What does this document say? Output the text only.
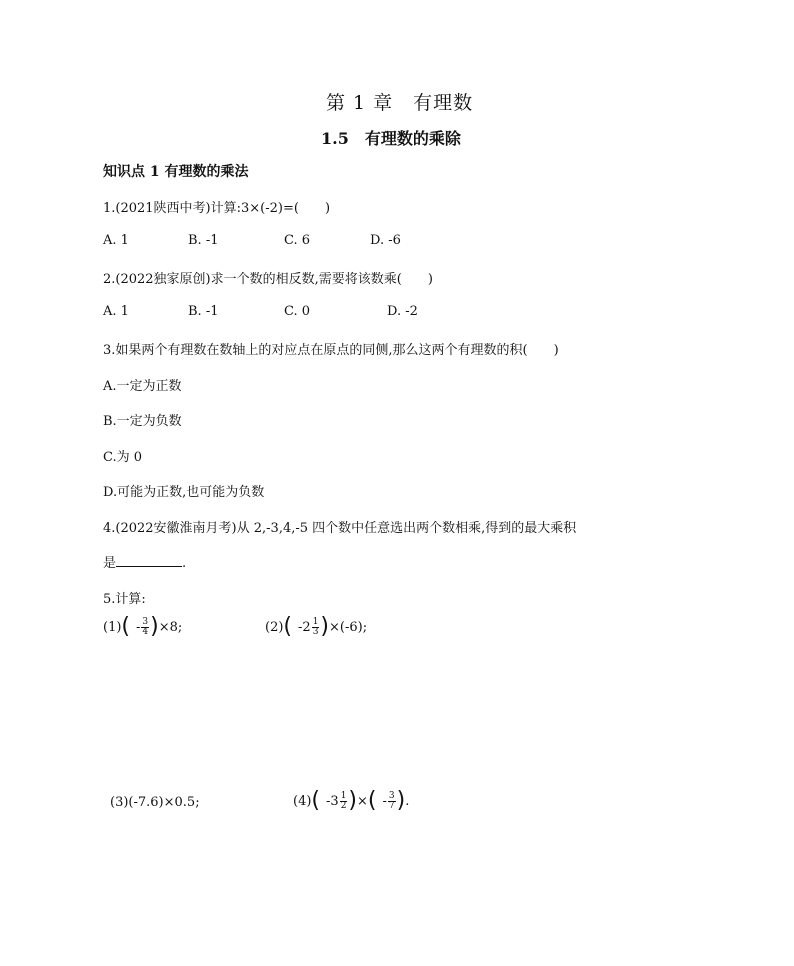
第 1 章　有理数
1.5　有理数的乘除
知识点 1 有理数的乘法
1.(2021陕西中考)计算:3×(-2)=(　　)
A. 1	B. -1	C. 6	D. -6
2.(2022独家原创)求一个数的相反数,需要将该数乘(　　)
A. 1	B. -1	C. 0	D. -2
3.如果两个有理数在数轴上的对应点在原点的同侧,那么这两个有理数的积(　　)
A.一定为正数
B.一定为负数
C.为 0
D.可能为正数,也可能为负数
4.(2022安徽淮南月考)从 2,-3,4,-5 四个数中任意选出两个数相乘,得到的最大乘积
是	.
5.计算:
(1) ( - $\frac{3}{4}$ ) ×8;	(2) ( $-2 \frac{1}{3}$ ) ×(-6);
(3)(-7.6)×0.5;	(4) ( $-3 \frac{1}{2}$ ) × ( - $\frac{3}{7}$ ) .
